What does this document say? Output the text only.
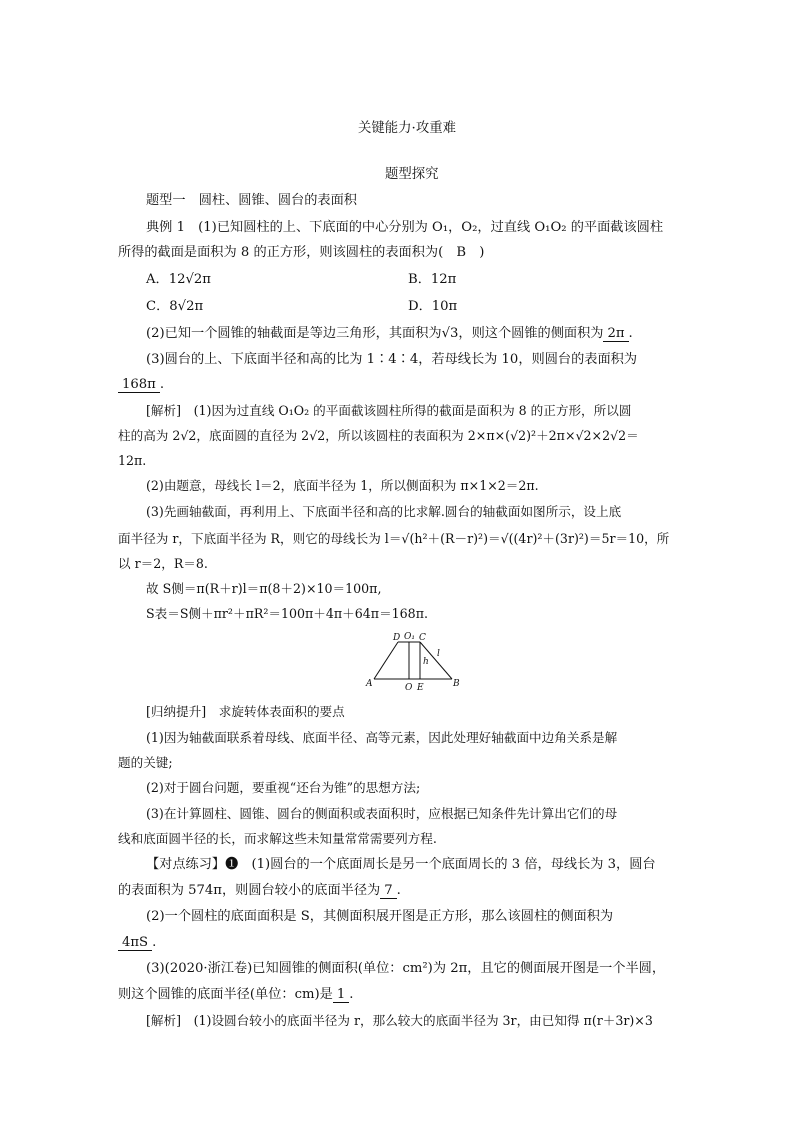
关键能力·攻重难
题型探究
题型一　圆柱、圆锥、圆台的表面积
典例 1　(1)已知圆柱的上、下底面的中心分别为 O₁，O₂，过直线 O₁O₂ 的平面截该圆柱
所得的截面是面积为 8 的正方形，则该圆柱的表面积为(　B　)
A．12√2π	B．12π
C．8√2π	D．10π
(2)已知一个圆锥的轴截面是等边三角形，其面积为√3，则这个圆锥的侧面积为 2π .
(3)圆台的上、下底面半径和高的比为 1∶4∶4，若母线长为 10，则圆台的表面积为
168π .
[解析]　(1)因为过直线 O₁O₂ 的平面截该圆柱所得的截面是面积为 8 的正方形，所以圆
柱的高为 2√2，底面圆的直径为 2√2，所以该圆柱的表面积为 2×π×(√2)²＋2π×√2×2√2＝
12π.
(2)由题意，母线长 l＝2，底面半径为 1，所以侧面积为 π×1×2＝2π.
(3)先画轴截面，再利用上、下底面半径和高的比求解.圆台的轴截面如图所示，设上底
面半径为 r，下底面半径为 R，则它的母线长为 l＝√(h²＋(R－r)²)＝√((4r)²＋(3r)²)＝5r＝10，所
以 r＝2，R＝8.
故 S侧＝π(R＋r)l＝π(8＋2)×10＝100π,
S表＝S侧＋πr²＋πR²＝100π＋4π＋64π＝168π.
D O₁ C
l
h
A	O E	B
[归纳提升]　求旋转体表面积的要点
(1)因为轴截面联系着母线、底面半径、高等元素，因此处理好轴截面中边角关系是解
题的关键;
(2)对于圆台问题，要重视“还台为锥”的思想方法;
(3)在计算圆柱、圆锥、圆台的侧面积或表面积时，应根据已知条件先计算出它们的母
线和底面圆半径的长，而求解这些未知量常常需要列方程.
【对点练习】❶　(1)圆台的一个底面周长是另一个底面周长的 3 倍，母线长为 3，圆台
的表面积为 574π，则圆台较小的底面半径为 7 .
(2)一个圆柱的底面面积是 S，其侧面积展开图是正方形，那么该圆柱的侧面积为
4πS .
(3)(2020·浙江卷)已知圆锥的侧面积(单位：cm²)为 2π，且它的侧面展开图是一个半圆，
则这个圆锥的底面半径(单位：cm)是 1 .
[解析]　(1)设圆台较小的底面半径为 r，那么较大的底面半径为 3r，由已知得 π(r＋3r)×3
